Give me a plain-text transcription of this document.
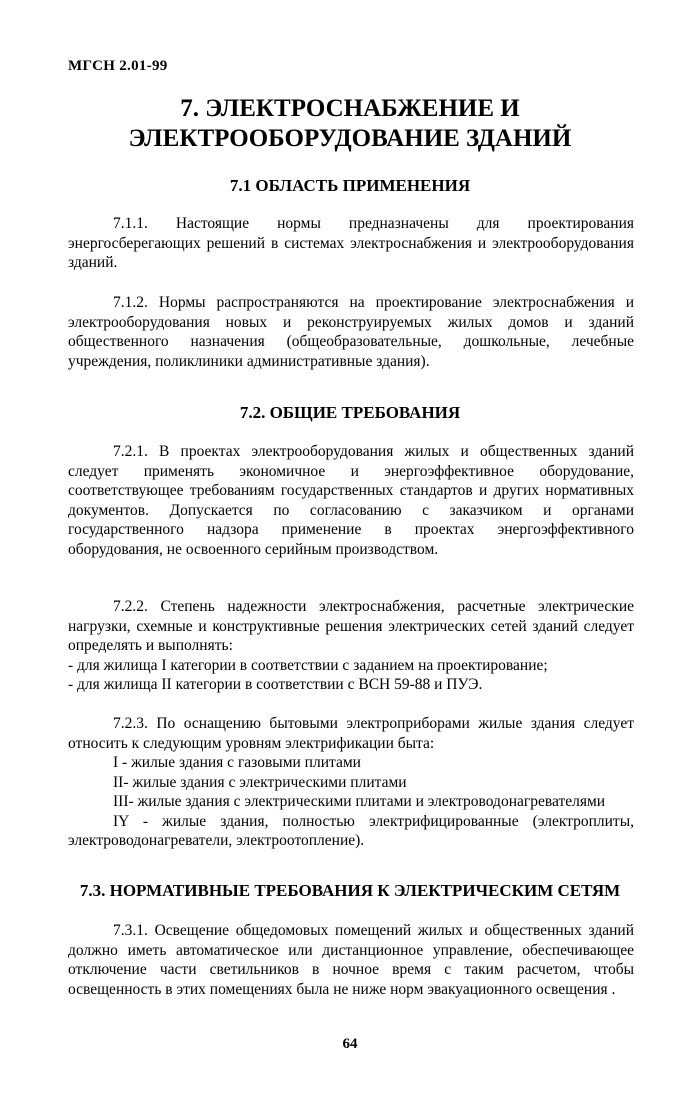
МГСН 2.01-99
7. ЭЛЕКТРОСНАБЖЕНИЕ И
ЭЛЕКТРООБОРУДОВАНИЕ ЗДАНИЙ
7.1 ОБЛАСТЬ ПРИМЕНЕНИЯ
7.1.1. Настоящие нормы предназначены для проектирования энергосберегающих решений в системах электроснабжения и электрооборудования зданий.
7.1.2. Нормы распространяются на проектирование электроснабжения и электрооборудования новых и реконструируемых жилых домов и зданий общественного назначения (общеобразовательные, дошкольные, лечебные учреждения, поликлиники административные здания).
7.2. ОБЩИЕ ТРЕБОВАНИЯ
7.2.1. В проектах электрооборудования жилых и общественных зданий следует применять экономичное и энергоэффективное оборудование, соответствующее требованиям государственных стандартов и других нормативных документов. Допускается по согласованию с заказчиком и органами государственного надзора применение в проектах энергоэффективного оборудования, не освоенного серийным производством.
7.2.2. Степень надежности электроснабжения, расчетные электрические нагрузки, схемные и конструктивные решения электрических сетей зданий следует определять и выполнять:
- для жилища I категории в соответствии с заданием на проектирование;
- для жилища II категории в соответствии с ВСН 59-88 и ПУЭ.
7.2.3. По оснащению бытовыми электроприборами жилые здания следует относить к следующим уровням электрификации быта:
I - жилые здания с газовыми плитами
II- жилые здания с электрическими плитами
III- жилые здания с электрическими плитами и электроводонагревателями
IY - жилые здания, полностью электрифицированные (электроплиты, электроводонагреватели, электроотопление).
7.3. НОРМАТИВНЫЕ ТРЕБОВАНИЯ К ЭЛЕКТРИЧЕСКИМ СЕТЯМ
7.3.1. Освещение общедомовых помещений жилых и общественных зданий должно иметь автоматическое или дистанционное управление, обеспечивающее отключение части светильников в ночное время с таким расчетом, чтобы освещенность в этих помещениях была не ниже норм эвакуационного освещения .
64
